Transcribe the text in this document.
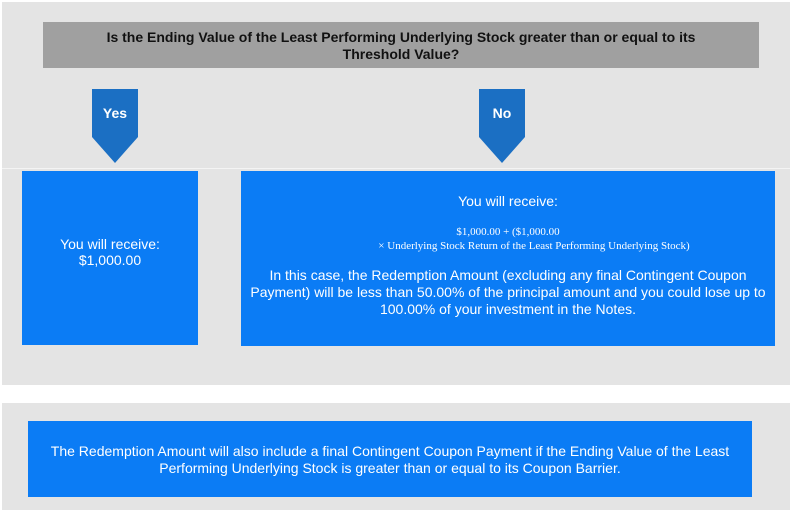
Is the Ending Value of the Least Performing Underlying Stock greater than or equal to its Threshold Value?
Yes	No
You will receive:
$1,000.00
You will receive:
$1,000.00 + ($1,000.00
× Underlying Stock Return of the Least Performing Underlying Stock)
In this case, the Redemption Amount (excluding any final Contingent Coupon Payment) will be less than 50.00% of the principal amount and you could lose up to 100.00% of your investment in the Notes.
The Redemption Amount will also include a final Contingent Coupon Payment if the Ending Value of the Least Performing Underlying Stock is greater than or equal to its Coupon Barrier.
